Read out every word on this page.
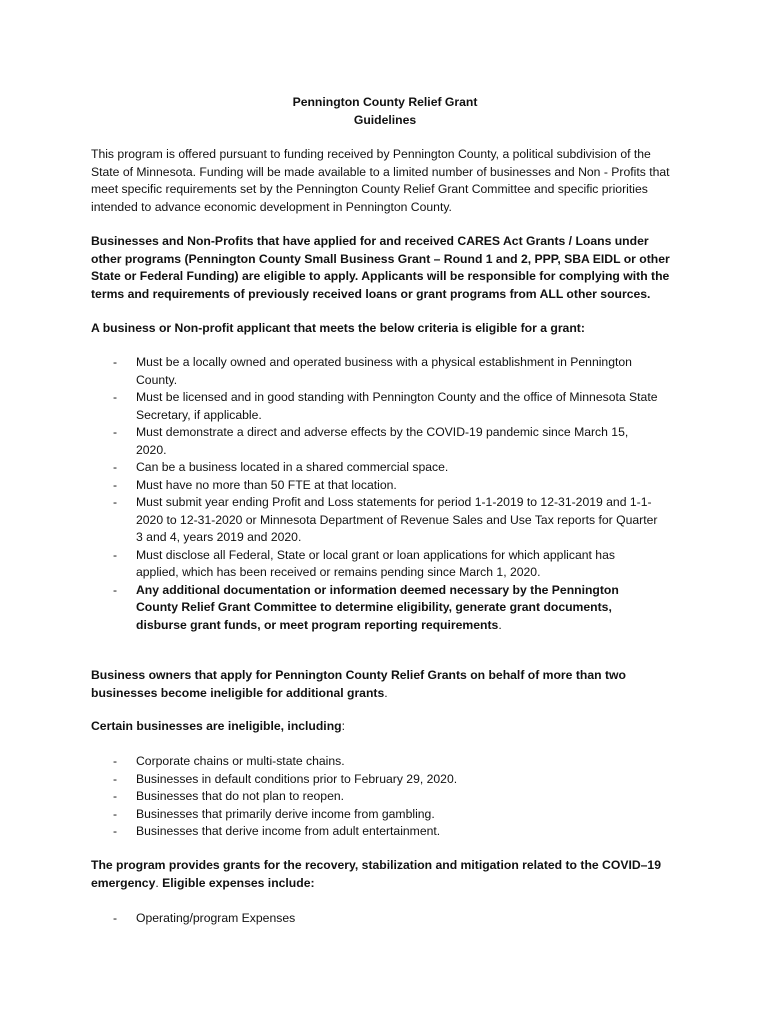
Pennington County Relief Grant
Guidelines

This program is offered pursuant to funding received by Pennington County, a political subdivision of the State of Minnesota. Funding will be made available to a limited number of businesses and Non - Profits that meet specific requirements set by the Pennington County Relief Grant Committee and specific priorities intended to advance economic development in Pennington County.

Businesses and Non-Profits that have applied for and received CARES Act Grants / Loans under other programs (Pennington County Small Business Grant – Round 1 and 2, PPP, SBA EIDL or other State or Federal Funding) are eligible to apply. Applicants will be responsible for complying with the terms and requirements of previously received loans or grant programs from ALL other sources.

A business or Non-profit applicant that meets the below criteria is eligible for a grant:

- Must be a locally owned and operated business with a physical establishment in Pennington County.
- Must be licensed and in good standing with Pennington County and the office of Minnesota State Secretary, if applicable.
- Must demonstrate a direct and adverse effects by the COVID-19 pandemic since March 15, 2020.
- Can be a business located in a shared commercial space.
- Must have no more than 50 FTE at that location.
- Must submit year ending Profit and Loss statements for period 1-1-2019 to 12-31-2019 and 1-1-2020 to 12-31-2020 or Minnesota Department of Revenue Sales and Use Tax reports for Quarter 3 and 4, years 2019 and 2020.
- Must disclose all Federal, State or local grant or loan applications for which applicant has applied, which has been received or remains pending since March 1, 2020.
- Any additional documentation or information deemed necessary by the Pennington County Relief Grant Committee to determine eligibility, generate grant documents, disburse grant funds, or meet program reporting requirements.

Business owners that apply for Pennington County Relief Grants on behalf of more than two businesses become ineligible for additional grants.

Certain businesses are ineligible, including:

- Corporate chains or multi-state chains.
- Businesses in default conditions prior to February 29, 2020.
- Businesses that do not plan to reopen.
- Businesses that primarily derive income from gambling.
- Businesses that derive income from adult entertainment.

The program provides grants for the recovery, stabilization and mitigation related to the COVID–19 emergency. Eligible expenses include:

- Operating/program Expenses
